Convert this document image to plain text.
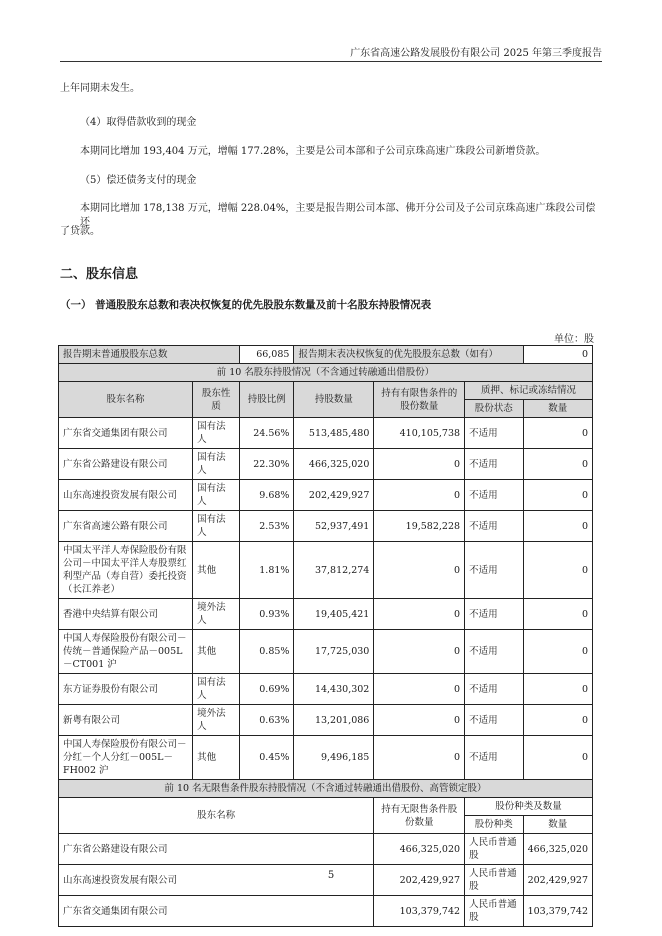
广东省高速公路发展股份有限公司 2025 年第三季度报告
上年同期未发生。
（4）取得借款收到的现金
本期同比增加 193,404 万元，增幅 177.28%，主要是公司本部和子公司京珠高速广珠段公司新增贷款。
（5）偿还债务支付的现金
本期同比增加 178,138 万元，增幅 228.04%，主要是报告期公司本部、佛开分公司及子公司京珠高速广珠段公司偿还
了贷款。
二、股东信息
（一） 普通股股东总数和表决权恢复的优先股股东数量及前十名股东持股情况表
单位：股
报告期末普通股股东总数		66,085	报告期末表决权恢复的优先股股东总数（如有）			0
前 10 名股东持股情况（不含通过转融通出借股份）						
股东名称	股东性质	持股比例	持股数量	持有有限售条件的股份数量	质押、标记或冻结情况	
					股份状态	数量
广东省交通集团有限公司	国有法人	24.56%	513,485,480	410,105,738	不适用	0
广东省公路建设有限公司	国有法人	22.30%	466,325,020	0	不适用	0
山东高速投资发展有限公司	国有法人	9.68%	202,429,927	0	不适用	0
广东省高速公路有限公司	国有法人	2.53%	52,937,491	19,582,228	不适用	0
中国太平洋人寿保险股份有限公司－中国太平洋人寿股票红利型产品（寿自营）委托投资（长江养老）	其他	1.81%	37,812,274	0	不适用	0
香港中央结算有限公司	境外法人	0.93%	19,405,421	0	不适用	0
中国人寿保险股份有限公司－传统－普通保险产品－005L－CT001 沪	其他	0.85%	17,725,030	0	不适用	0
东方证券股份有限公司	国有法人	0.69%	14,430,302	0	不适用	0
新粤有限公司	境外法人	0.63%	13,201,086	0	不适用	0
中国人寿保险股份有限公司－分红－个人分红－005L－FH002 沪	其他	0.45%	9,496,185	0	不适用	0
前 10 名无限售条件股东持股情况（不含通过转融通出借股份、高管锁定股）						
股东名称				持有无限售条件股份数量	股份种类及数量	
					股份种类	数量
广东省公路建设有限公司				466,325,020	人民币普通股	466,325,020
山东高速投资发展有限公司				202,429,927	人民币普通股	202,429,927
广东省交通集团有限公司				103,379,742	人民币普通股	103,379,742
5
